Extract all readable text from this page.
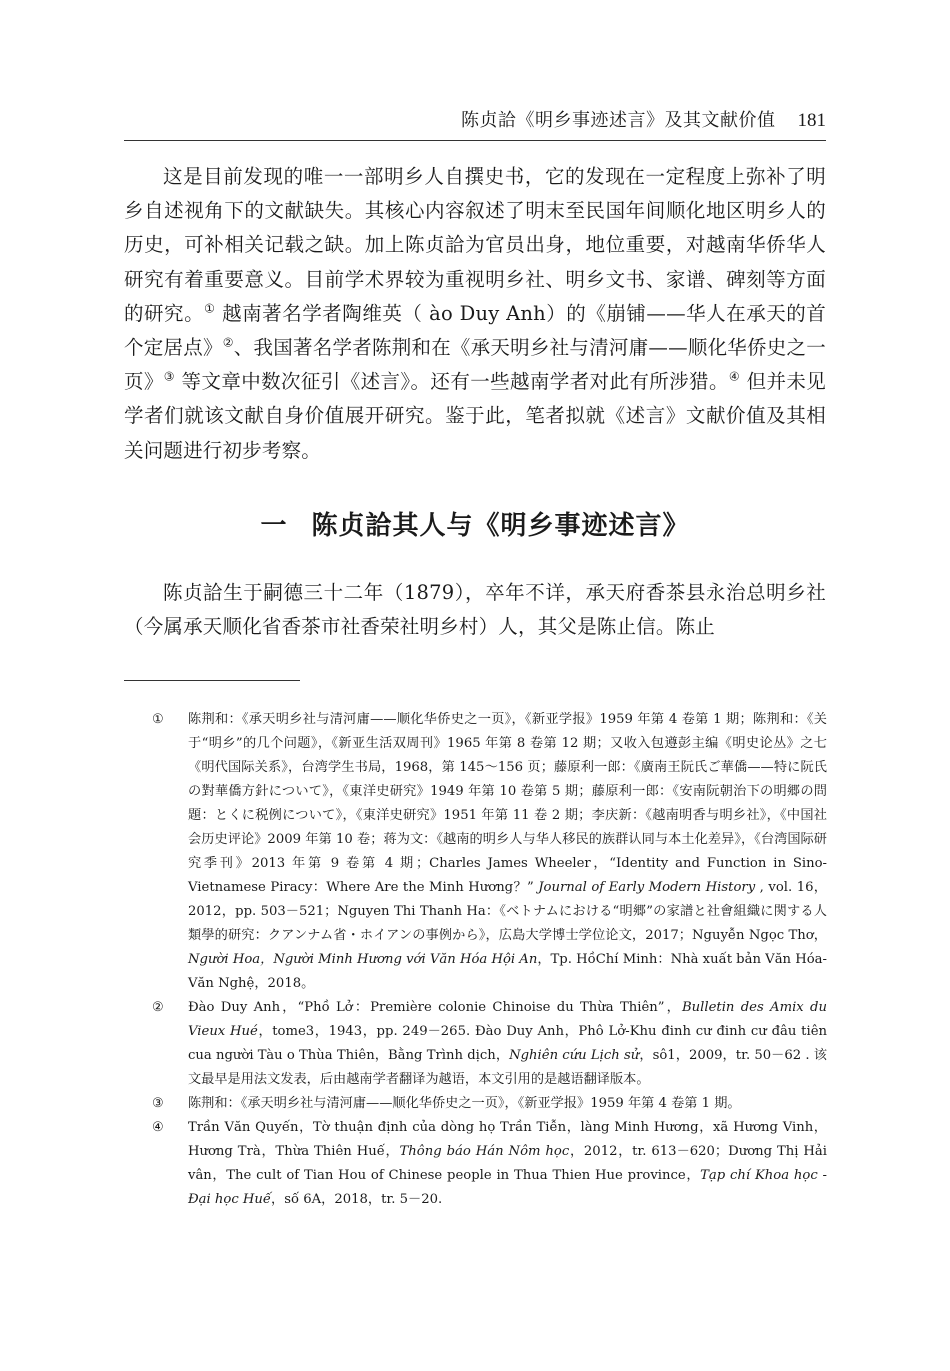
陈贞詥《明乡事迹述言》及其文献价值 181

这是目前发现的唯一一部明乡人自撰史书，它的发现在一定程度上弥补了明乡自述视角下的文献缺失。其核心内容叙述了明末至民国年间顺化地区明乡人的历史，可补相关记载之缺。加上陈贞詥为官员出身，地位重要，对越南华侨华人研究有着重要意义。目前学术界较为重视明乡社、明乡文书、家谱、碑刻等方面的研究。① 越南著名学者陶维英（ ào Duy Anh）的《崩铺——华人在承天的首个定居点》②、我国著名学者陈荆和在《承天明乡社与清河庸——顺化华侨史之一页》③ 等文章中数次征引《述言》。还有一些越南学者对此有所涉猎。④ 但并未见学者们就该文献自身价值展开研究。鉴于此，笔者拟就《述言》文献价值及其相关问题进行初步考察。

一 陈贞詥其人与《明乡事迹述言》

陈贞詥生于嗣德三十二年（1879），卒年不详，承天府香茶县永治总明乡社（今属承天顺化省香茶市社香荣社明乡村）人，其父是陈止信。陈止

① 陈荆和：《承天明乡社与清河庸——顺化华侨史之一页》，《新亚学报》1959 年第 4 卷第 1 期；陈荆和：《关于“明乡”的几个问题》，《新亚生活双周刊》1965 年第 8 卷第 12 期；又收入包遵彭主编《明史论丛》之七《明代国际关系》，台湾学生书局，1968，第 145～156 页；藤原利一郎：《廣南王阮氏ご華僑——特に阮氏の對華僑方針について》，《東洋史研究》1949 年第 10 卷第 5 期；藤原利一郎：《安南阮朝治下の明郷の問題：とくに税例について》，《東洋史研究》1951 年第 11 卷 2 期；李庆新：《越南明香与明乡社》，《中国社会历史评论》2009 年第 10 卷；蒋为文：《越南的明乡人与华人移民的族群认同与本土化差异》，《台湾国际研究季刊》2013 年第 9 卷第 4 期；Charles James Wheeler，“Identity and Function in Sino-Vietnamese Piracy：Where Are the Minh Hương？” Journal of Early Modern History , vol. 16，2012，pp. 503－521；Nguyen Thi Thanh Ha：《ベトナムにおける“明郷”の家譜と社會組織に関する人類學的研究：クアンナム省・ホイアンの事例から》，広島大学博士学位论文，2017；Nguyễn Ngọc Thơ，Người Hoa，Người Minh Hương với Văn Hóa Hội An，Tp. HồChí Minh：Nhà xuất bản Văn Hóa-Văn Nghệ，2018。

② Đào Duy Anh，“Phồ Lở：Première colonie Chinoise du Thừa Thiên”，Bulletin des Amix du Vieux Hué，tome3，1943，pp. 249－265. Đào Duy Anh，Phô Lở-Khu đinh cư đinh cư đâu tiên cua người Tàu o Thùa Thiên，Bằng Trình dịch，Nghiên cứu Lịch sử，sô1，2009，tr. 50－62 . 该文最早是用法文发表，后由越南学者翻译为越语，本文引用的是越语翻译版本。

③ 陈荆和：《承天明乡社与清河庸——顺化华侨史之一页》，《新亚学报》1959 年第 4 卷第 1 期。

④ Trần Văn Quyến，Tờ thuận định của dòng họ Trần Tiễn，làng Minh Hương，xã Hương Vinh，Hương Trà，Thừa Thiên Huế，Thông báo Hán Nôm học，2012，tr. 613－620；Dương Thị Hải vân，The cult of Tian Hou of Chinese people in Thua Thien Hue province，Tạp chí Khoa học - Đại học Huế，số 6A，2018，tr. 5－20.
